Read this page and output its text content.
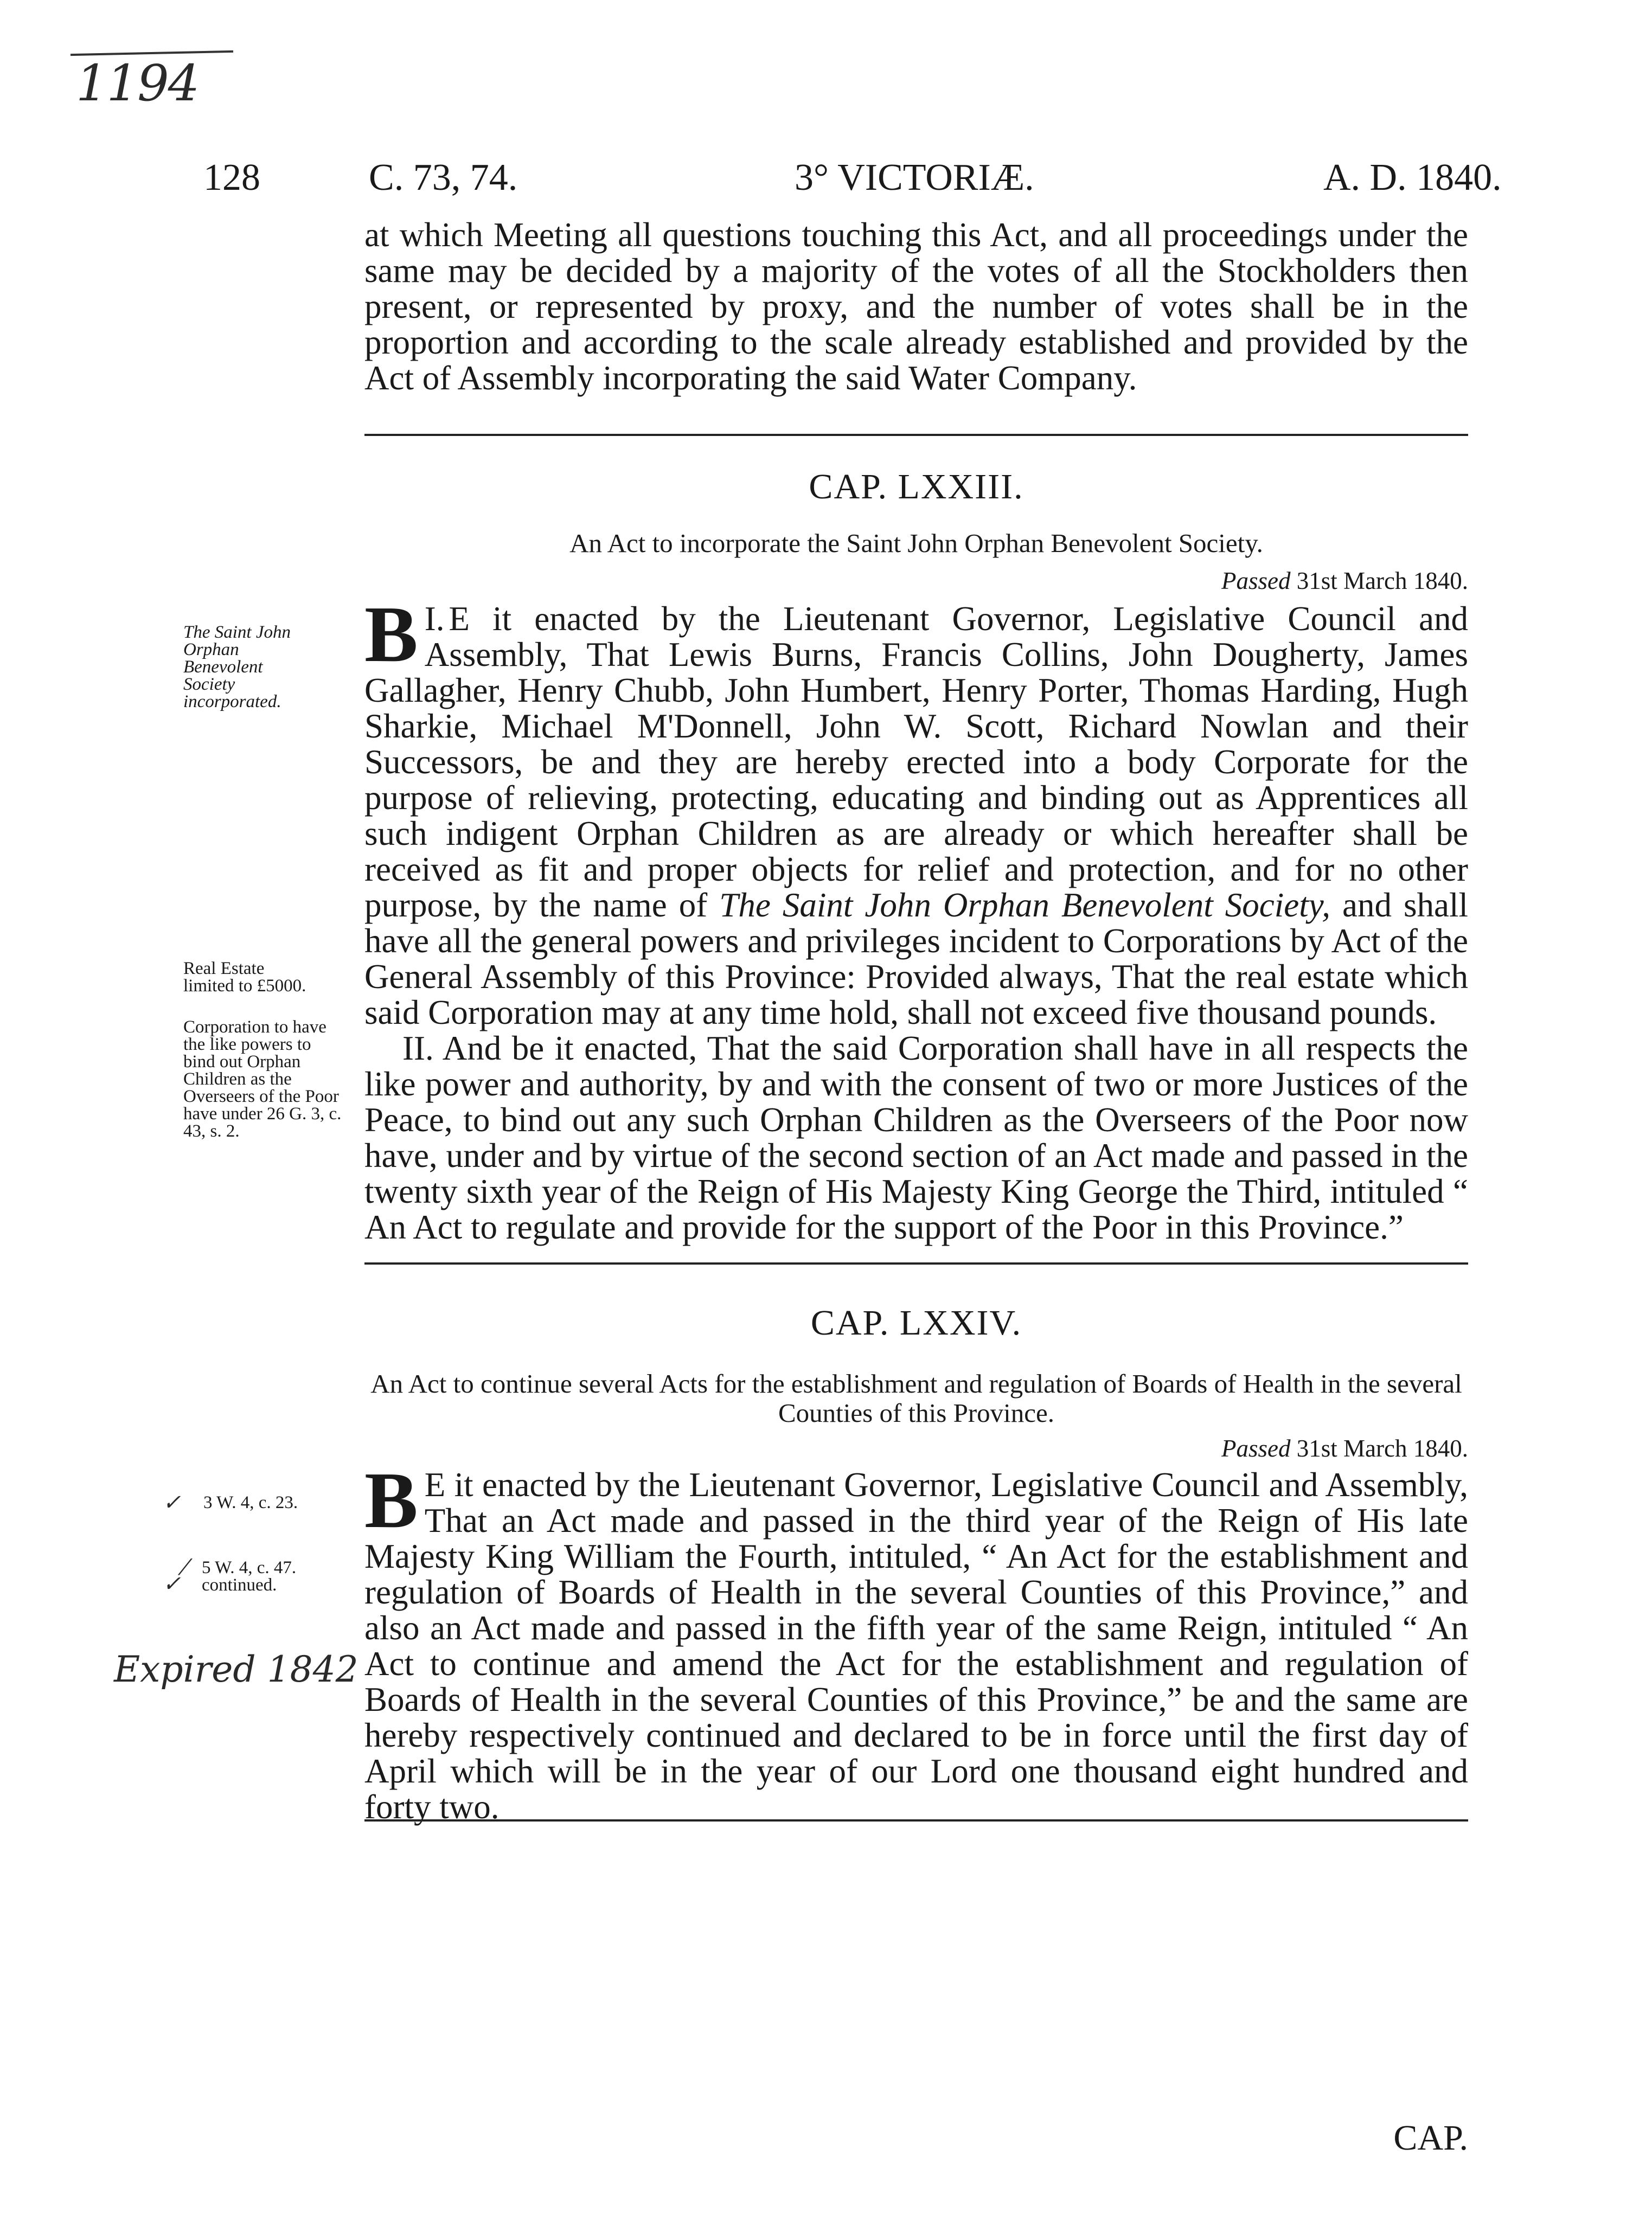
1194
✓
⁄
✓
Expired 1842
128	C. 73, 74.	3° VICTORIÆ.	A. D. 1840.

at which Meeting all questions touching this Act, and all proceedings under the same may be decided by a majority of the votes of all the Stockholders then present, or represented by proxy, and the number of votes shall be in the proportion and according to the scale already established and provided by the Act of Assembly incorporating the said Water Company.

CAP. LXXIII.
An Act to incorporate the Saint John Orphan Benevolent Society.
Passed 31st March 1840.
The Saint John Orphan Benevolent Society incorporated.

I.
B E it enacted by the Lieutenant Governor, Legislative Council and Assembly, That Lewis Burns, Francis Collins, John Dougherty, James Gallagher, Henry Chubb, John Humbert, Henry Porter, Thomas Harding, Hugh Sharkie, Michael M'Donnell, John W. Scott, Richard Nowlan and their Successors, be and they are hereby erected into a body Corporate for the purpose of relieving, protecting, educating and binding out as Apprentices all such indigent Orphan Children as are already or which hereafter shall be received as fit and proper objects for relief and protection, and for no other purpose, by the name of The Saint John Orphan Benevolent Society, and shall have all the general powers and privileges incident to Corporations by Act of the General Assembly of this Province: Provided always, That the real estate which said Corporation may at any time hold, shall not exceed five thousand pounds.

Real Estate limited to £5000.
Corporation to have the like powers to bind out Orphan Children as the Overseers of the Poor have under 26 G. 3, c. 43, s. 2.

II. And be it enacted, That the said Corporation shall have in all respects the like power and authority, by and with the consent of two or more Justices of the Peace, to bind out any such Orphan Children as the Overseers of the Poor now have, under and by virtue of the second section of an Act made and passed in the twenty sixth year of the Reign of His Majesty King George the Third, intituled “ An Act to regulate and provide for the support of the Poor in this Province.”

CAP. LXXIV.
An Act to continue several Acts for the establishment and regulation of Boards of Health in the several Counties of this Province.
Passed 31st March 1840.
3 W. 4, c. 23.
5 W. 4, c. 47. continued.

B E it enacted by the Lieutenant Governor, Legislative Council and Assembly, That an Act made and passed in the third year of the Reign of His late Majesty King William the Fourth, intituled, “ An Act for the establishment and regulation of Boards of Health in the several Counties of this Province,” and also an Act made and passed in the fifth year of the same Reign, intituled “ An Act to continue and amend the Act for the establishment and regulation of Boards of Health in the several Counties of this Province,” be and the same are hereby respectively continued and declared to be in force until the first day of April which will be in the year of our Lord one thousand eight hundred and forty two.

CAP.
